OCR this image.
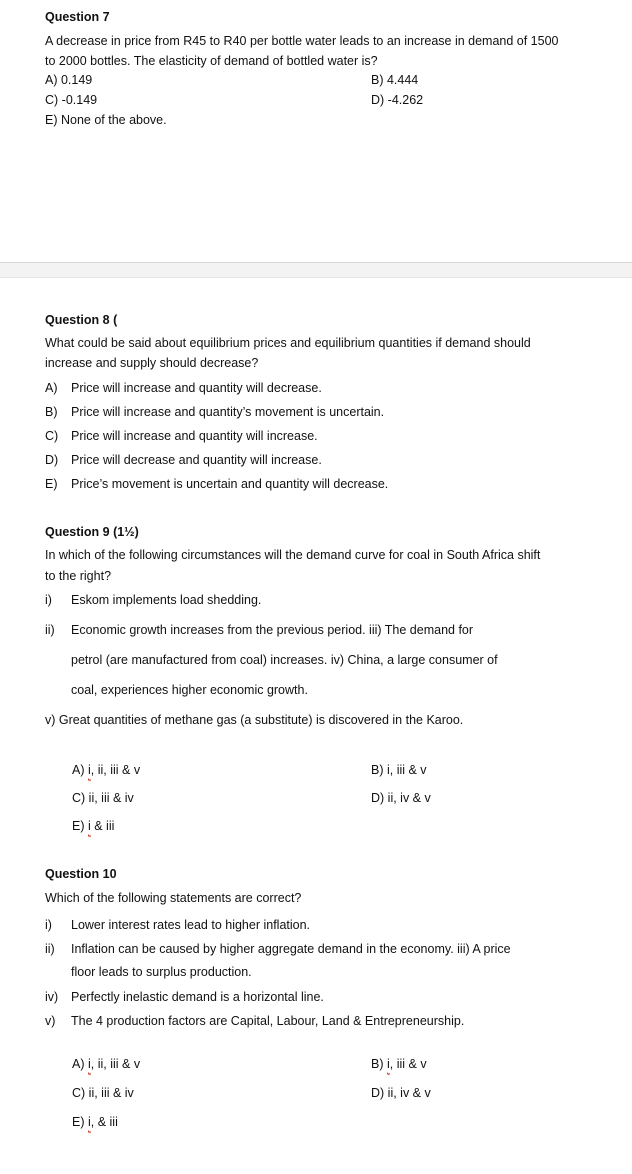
Question 7
A decrease in price from R45 to R40 per bottle water leads to an increase in demand of 1500
to 2000 bottles. The elasticity of demand of bottled water is?
A) 0.149	B) 4.444
C) -0.149	D) -4.262
E) None of the above.
Question 8 (
What could be said about equilibrium prices and equilibrium quantities if demand should
increase and supply should decrease?
A) Price will increase and quantity will decrease.
B) Price will increase and quantity’s movement is uncertain.
C) Price will increase and quantity will increase.
D) Price will decrease and quantity will increase.
E) Price’s movement is uncertain and quantity will decrease.
Question 9 (1½)
In which of the following circumstances will the demand curve for coal in South Africa shift
to the right?
i) Eskom implements load shedding.
ii) Economic growth increases from the previous period. iii) The demand for
petrol (are manufactured from coal) increases. iv) China, a large consumer of
coal, experiences higher economic growth.
v) Great quantities of methane gas (a substitute) is discovered in the Karoo.
A) i, ii, iii & v	B) i, iii & v
C) ii, iii & iv	D) ii, iv & v
E) i & iii
Question 10
Which of the following statements are correct?
i) Lower interest rates lead to higher inflation.
ii) Inflation can be caused by higher aggregate demand in the economy. iii) A price
floor leads to surplus production.
iv) Perfectly inelastic demand is a horizontal line.
v) The 4 production factors are Capital, Labour, Land & Entrepreneurship.
A) i, ii, iii & v	B) i, iii & v
C) ii, iii & iv	D) ii, iv & v
E) i, & iii
